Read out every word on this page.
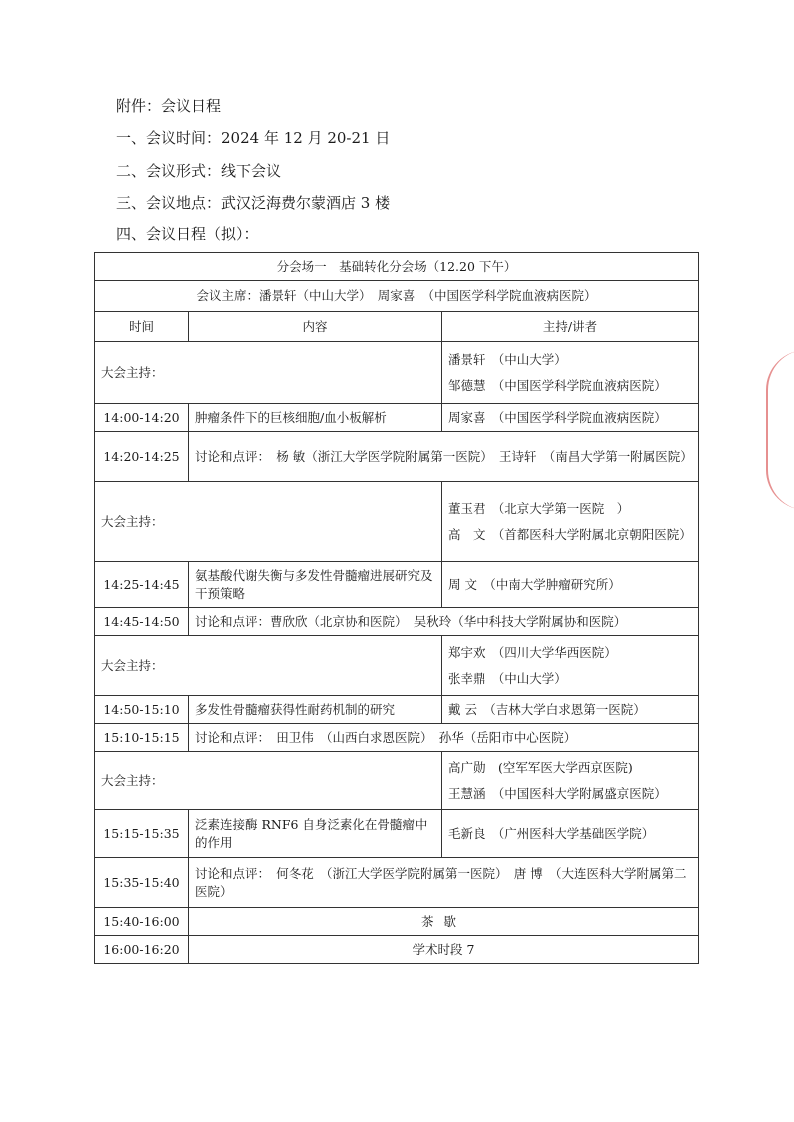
附件：会议日程
一、会议时间：2024 年 12 月 20-21 日
二、会议形式：线下会议
三、会议地点：武汉泛海费尔蒙酒店 3 楼
四、会议日程（拟）：
分会场一　基础转化分会场（12.20 下午）		
会议主席：潘景轩（中山大学）　周家喜　（中国医学科学院血液病医院）		
时间	内容	主持/讲者
大会主持：		潘景轩　（中山大学）

邹德慧　（中国医学科学院血液病医院）

14:00-14:20	肿瘤条件下的巨核细胞/血小板解析	周家喜　（中国医学科学院血液病医院）
14:20-14:25	讨论和点评：　杨 敏（浙江大学医学院附属第一医院）　王诗轩　（南昌大学第一附属医院）	
大会主持：		董玉君　（北京大学第一医院　）

高　文　（首都医科大学附属北京朝阳医院）

14:25-14:45	氨基酸代谢失衡与多发性骨髓瘤进展研究及干预策略	周 文　（中南大学肿瘤研究所）
14:45-14:50	讨论和点评：曹欣欣（北京协和医院）　吴秋玲（华中科技大学附属协和医院）	
大会主持：		郑宇欢　（四川大学华西医院）

张幸鼎　（中山大学）

14:50-15:10	多发性骨髓瘤获得性耐药机制的研究	戴 云　（吉林大学白求恩第一医院）
15:10-15:15	讨论和点评：　田卫伟　（山西白求恩医院）　孙华（岳阳市中心医院）	
大会主持：		高广勋　(空军军医大学西京医院)

王慧涵　（中国医科大学附属盛京医院）

15:15-15:35	泛素连接酶 RNF6 自身泛素化在骨髓瘤中的作用	毛新良　（广州医科大学基础医学院）
15:35-15:40	讨论和点评：　何冬花　（浙江大学医学院附属第一医院）　唐 博　（大连医科大学附属第二医院）	
15:40-16:00	茶歇	
16:00-16:20	学术时段 7	
